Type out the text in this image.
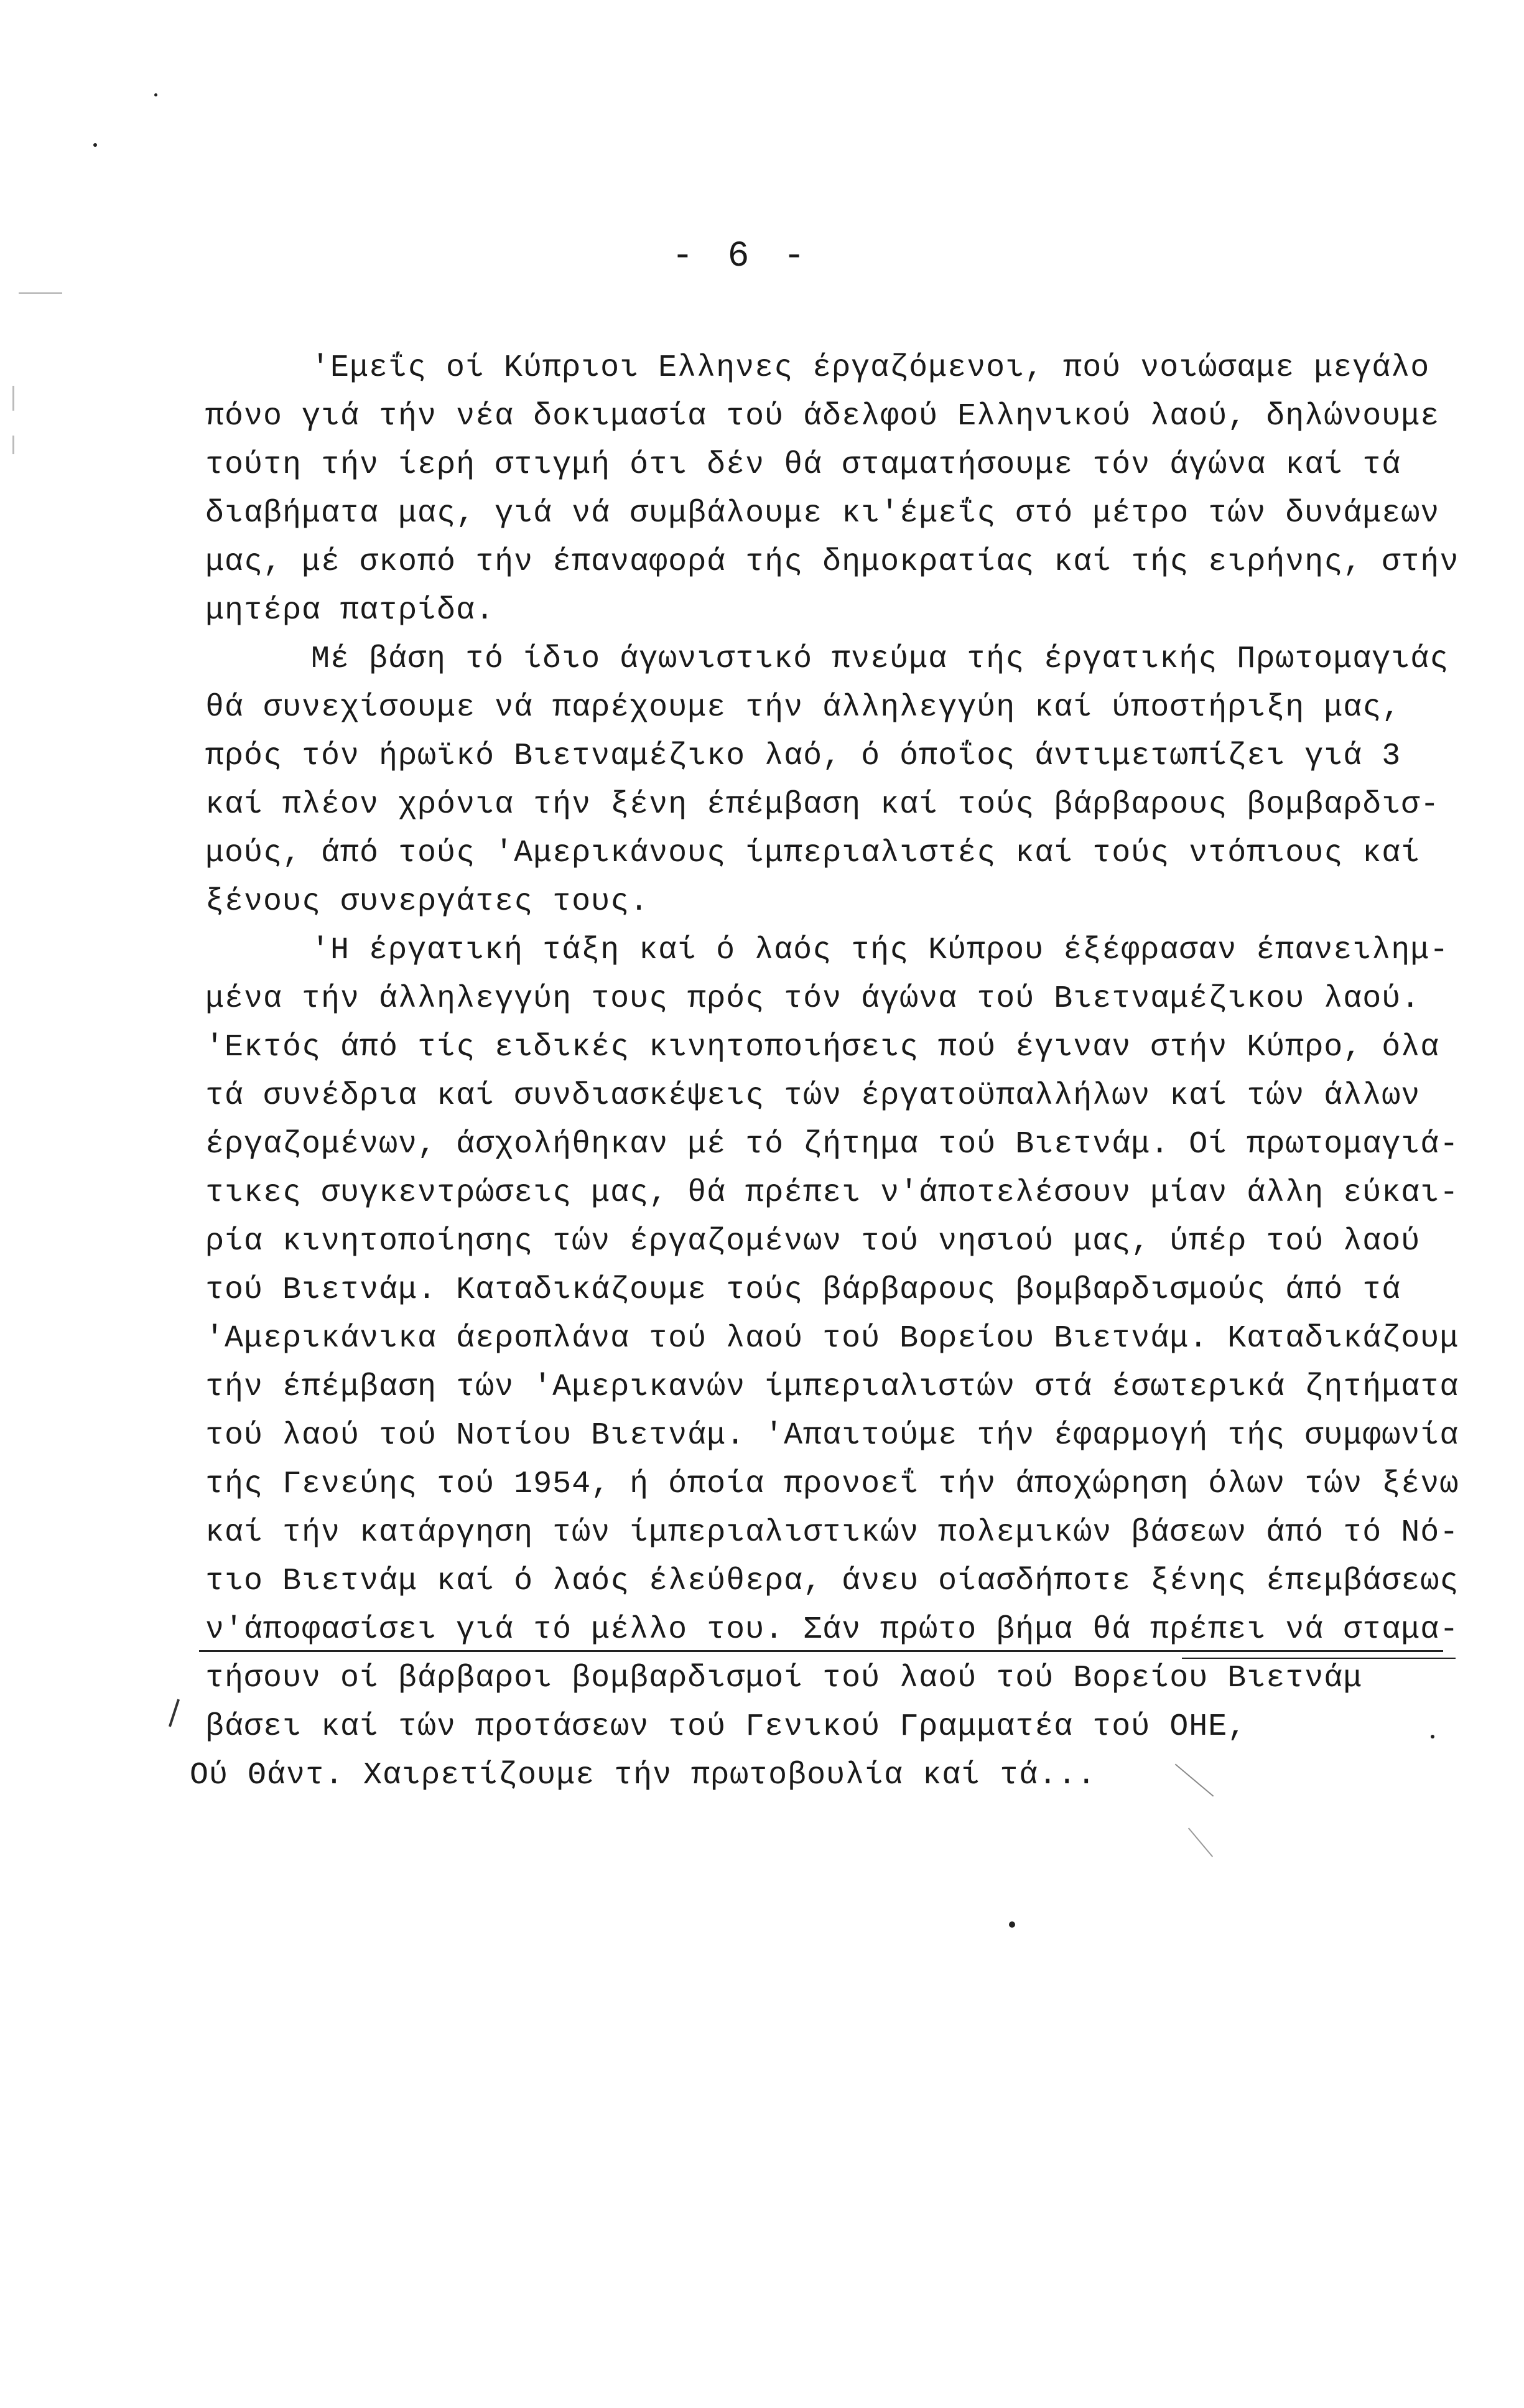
- 6 -
'Εμεΐς οί Κύπριοι Ελληνες έργαζόμενοι, πού νοιώσαμε μεγάλο
πόνο γιά τήν νέα δοκιμασία τού άδελφού Ελληνικού λαού, δηλώνουμε
τούτη τήν ίερή στιγμή ότι δέν θά σταματήσουμε τόν άγώνα καί τά
διαβήματα μας, γιά νά συμβάλουμε κι'έμεΐς στό μέτρο τών δυνάμεων
μας, μέ σκοπό τήν έπαναφορά τής δημοκρατίας καί τής ειρήνης, στήν
μητέρα πατρίδα.
Μέ βάση τό ίδιο άγωνιστικό πνεύμα τής έργατικής Πρωτομαγιάς
θά συνεχίσουμε νά παρέχουμε τήν άλληλεγγύη καί ύποστήριξη μας,
πρός τόν ήρωϊκό Βιετναμέζικο λαό, ό όποΐος άντιμετωπίζει γιά 3
καί πλέον χρόνια τήν ξένη έπέμβαση καί τούς βάρβαρους βομβαρδισ-
μούς, άπό τούς 'Αμερικάνους ίμπεριαλιστές καί τούς ντόπιους καί
ξένους συνεργάτες τους.
'Η έργατική τάξη καί ό λαός τής Κύπρου έξέφρασαν έπανειλημ-
μένα τήν άλληλεγγύη τους πρός τόν άγώνα τού Βιετναμέζικου λαού.
'Εκτός άπό τίς ειδικές κινητοποιήσεις πού έγιναν στήν Κύπρο, όλα
τά συνέδρια καί συνδιασκέψεις τών έργατοϋπαλλήλων καί τών άλλων
έργαζομένων, άσχολήθηκαν μέ τό ζήτημα τού Βιετνάμ. Οί πρωτομαγιά-
τικες συγκεντρώσεις μας, θά πρέπει ν'άποτελέσουν μίαν άλλη εύκαι-
ρία κινητοποίησης τών έργαζομένων τού νησιού μας, ύπέρ τού λαού
τού Βιετνάμ. Καταδικάζουμε τούς βάρβαρους βομβαρδισμούς άπό τά
'Αμερικάνικα άεροπλάνα τού λαού τού Βορείου Βιετνάμ. Καταδικάζουμ
τήν έπέμβαση τών 'Αμερικανών ίμπεριαλιστών στά έσωτερικά ζητήματα
τού λαού τού Νοτίου Βιετνάμ. 'Απαιτούμε τήν έφαρμογή τής συμφωνία
τής Γενεύης τού 1954, ή όποία προνοεΐ τήν άποχώρηση όλων τών ξένω
καί τήν κατάργηση τών ίμπεριαλιστικών πολεμικών βάσεων άπό τό Νό-
τιο Βιετνάμ καί ό λαός έλεύθερα, άνευ οίασδήποτε ξένης έπεμβάσεως
ν'άποφασίσει γιά τό μέλλο του. Σάν πρώτο βήμα θά πρέπει νά σταμα-
τήσουν οί βάρβαροι βομβαρδισμοί τού λαού τού Βορείου Βιετνάμ
βάσει καί τών προτάσεων τού Γενικού Γραμματέα τού ΟΗΕ,
Ού Θάντ. Χαιρετίζουμε τήν πρωτοβουλία καί τά...
